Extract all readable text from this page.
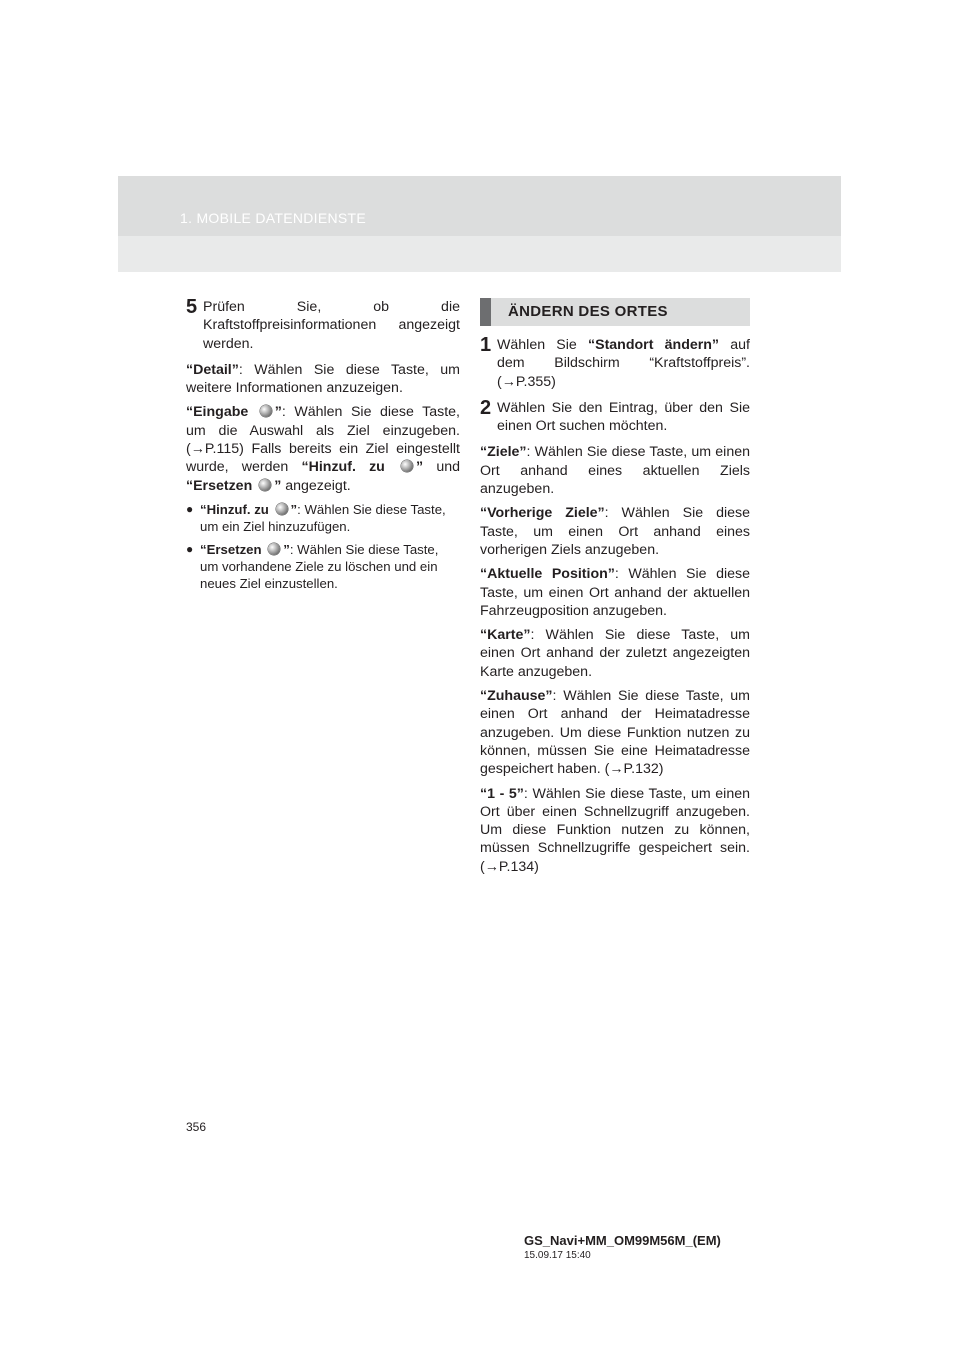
1. MOBILE DATENDIENSTE
5 Prüfen Sie, ob die Kraftstoffpreisinformationen angezeigt werden.

“Detail”: Wählen Sie diese Taste, um weitere Informationen anzuzeigen.

“Eingabe ”: Wählen Sie diese Taste, um die Auswahl als Ziel einzugeben. (→P.115) Falls bereits ein Ziel eingestellt wurde, werden “Hinzuf. zu ” und “Ersetzen ” angezeigt.

● “Hinzuf. zu ”: Wählen Sie diese Taste, um ein Ziel hinzuzufügen.
● “Ersetzen ”: Wählen Sie diese Taste, um vorhandene Ziele zu löschen und ein neues Ziel einzustellen.
ÄNDERN DES ORTES
1 Wählen Sie “Standort ändern” auf dem Bildschirm “Kraftstoffpreis”. (→P.355)
2 Wählen Sie den Eintrag, über den Sie einen Ort suchen möchten.

“Ziele”: Wählen Sie diese Taste, um einen Ort anhand eines aktuellen Ziels anzugeben.

“Vorherige Ziele”: Wählen Sie diese Taste, um einen Ort anhand eines vorherigen Ziels anzugeben.

“Aktuelle Position”: Wählen Sie diese Taste, um einen Ort anhand der aktuellen Fahrzeugposition anzugeben.

“Karte”: Wählen Sie diese Taste, um einen Ort anhand der zuletzt angezeigten Karte anzugeben.

“Zuhause”: Wählen Sie diese Taste, um einen Ort anhand der Heimatadresse anzugeben. Um diese Funktion nutzen zu können, müssen Sie eine Heimatadresse gespeichert haben. (→P.132)

“1 - 5”: Wählen Sie diese Taste, um einen Ort über einen Schnellzugriff anzugeben. Um diese Funktion nutzen zu können, müssen Schnellzugriffe gespeichert sein. (→P.134)

356
GS_Navi+MM_OM99M56M_(EM)
15.09.17 15:40
